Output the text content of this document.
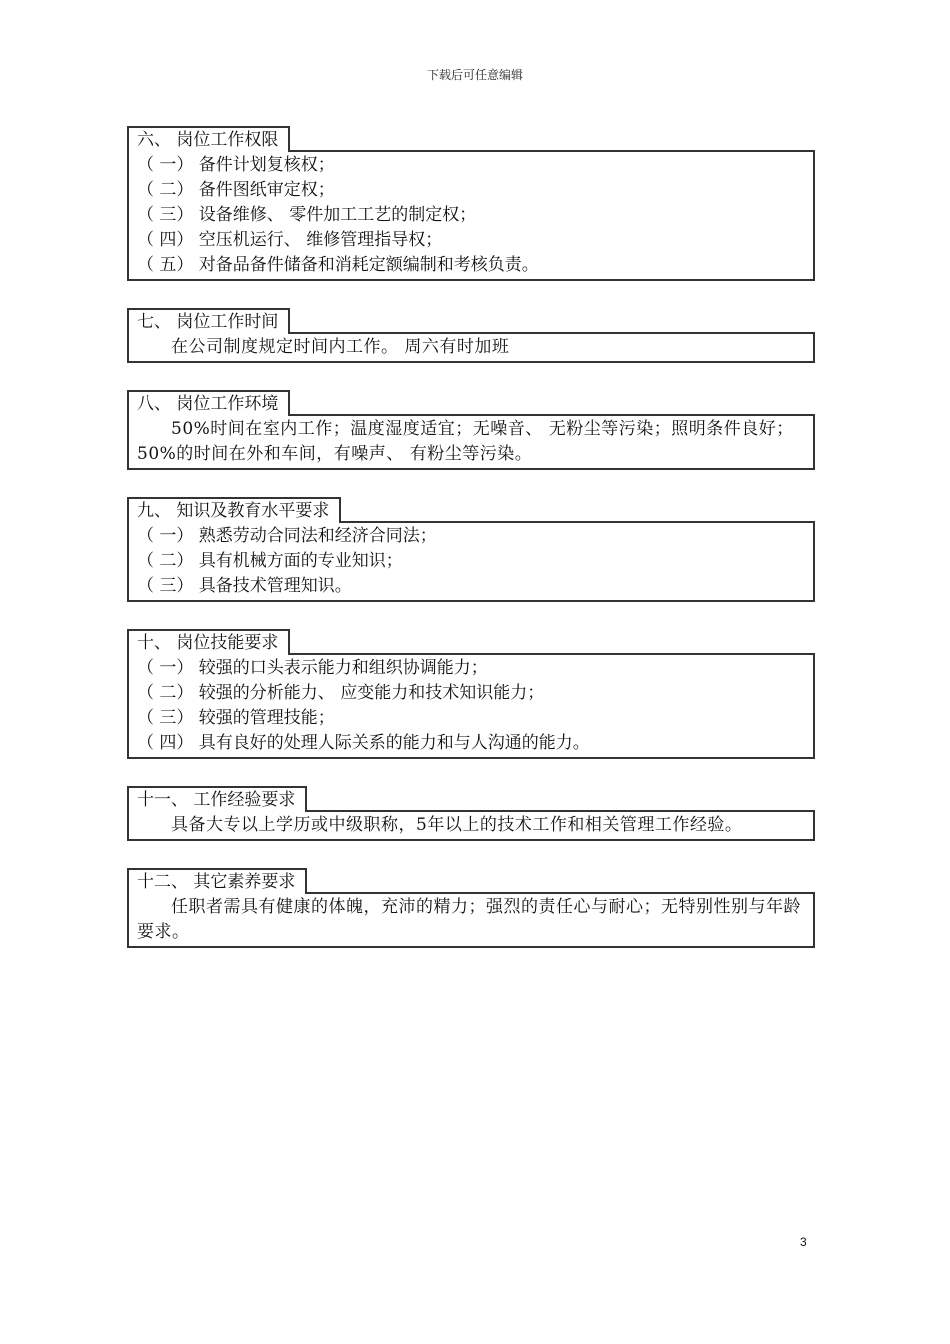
下载后可任意编辑
六、 岗位工作权限
（ 一） 备件计划复核权；
（ 二） 备件图纸审定权；
（ 三） 设备维修、 零件加工工艺的制定权；
（ 四） 空压机运行、 维修管理指导权；
（ 五） 对备品备件储备和消耗定额编制和考核负责。
七、 岗位工作时间
在公司制度规定时间内工作。 周六有时加班
八、 岗位工作环境
50%时间在室内工作；温度湿度适宜；无噪音、 无粉尘等污染；照明条件良好；50%的时间在外和车间，有噪声、 有粉尘等污染。
九、 知识及教育水平要求
（ 一） 熟悉劳动合同法和经济合同法；
（ 二） 具有机械方面的专业知识；
（ 三） 具备技术管理知识。
十、 岗位技能要求
（ 一） 较强的口头表示能力和组织协调能力；
（ 二） 较强的分析能力、 应变能力和技术知识能力；
（ 三） 较强的管理技能；
（ 四） 具有良好的处理人际关系的能力和与人沟通的能力。
十一、 工作经验要求
具备大专以上学历或中级职称，5年以上的技术工作和相关管理工作经验。
十二、 其它素养要求
任职者需具有健康的体魄，充沛的精力；强烈的责任心与耐心；无特别性别与年龄要求。
3
